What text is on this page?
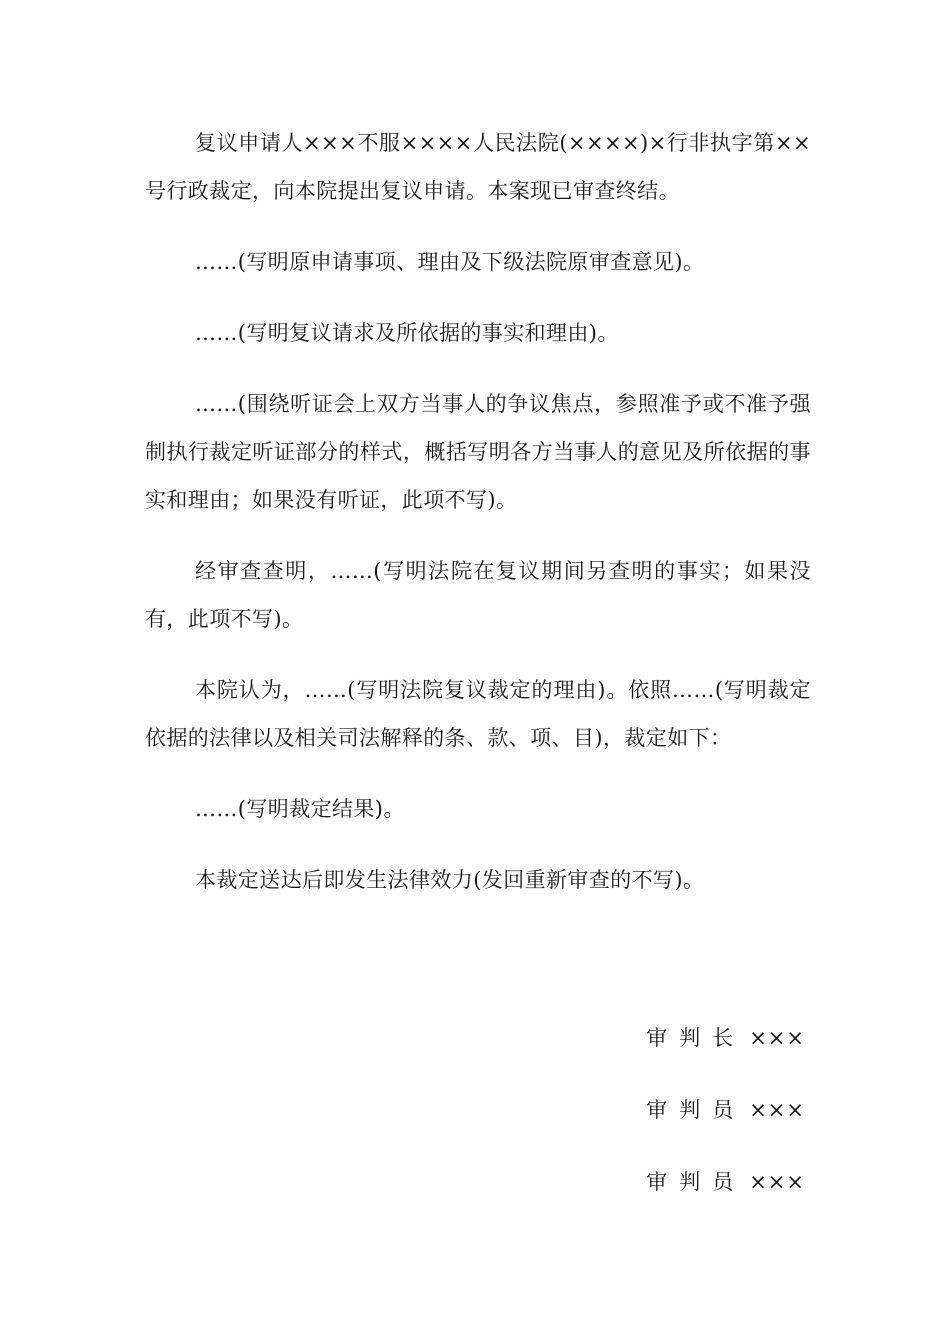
复议申请人×××不服××××人民法院(××××)×行非执字第××号行政裁定，向本院提出复议申请。本案现已审查终结。

……(写明原申请事项、理由及下级法院原审查意见)。

……(写明复议请求及所依据的事实和理由)。

……(围绕听证会上双方当事人的争议焦点，参照准予或不准予强制执行裁定听证部分的样式，概括写明各方当事人的意见及所依据的事实和理由；如果没有听证，此项不写)。

经审查查明，……(写明法院在复议期间另查明的事实；如果没有，此项不写)。

本院认为，……(写明法院复议裁定的理由)。依照……(写明裁定依据的法律以及相关司法解释的条、款、项、目)，裁定如下：

……(写明裁定结果)。

本裁定送达后即发生法律效力(发回重新审查的不写)。

审判长 ×××
审判员 ×××
审判员 ×××
